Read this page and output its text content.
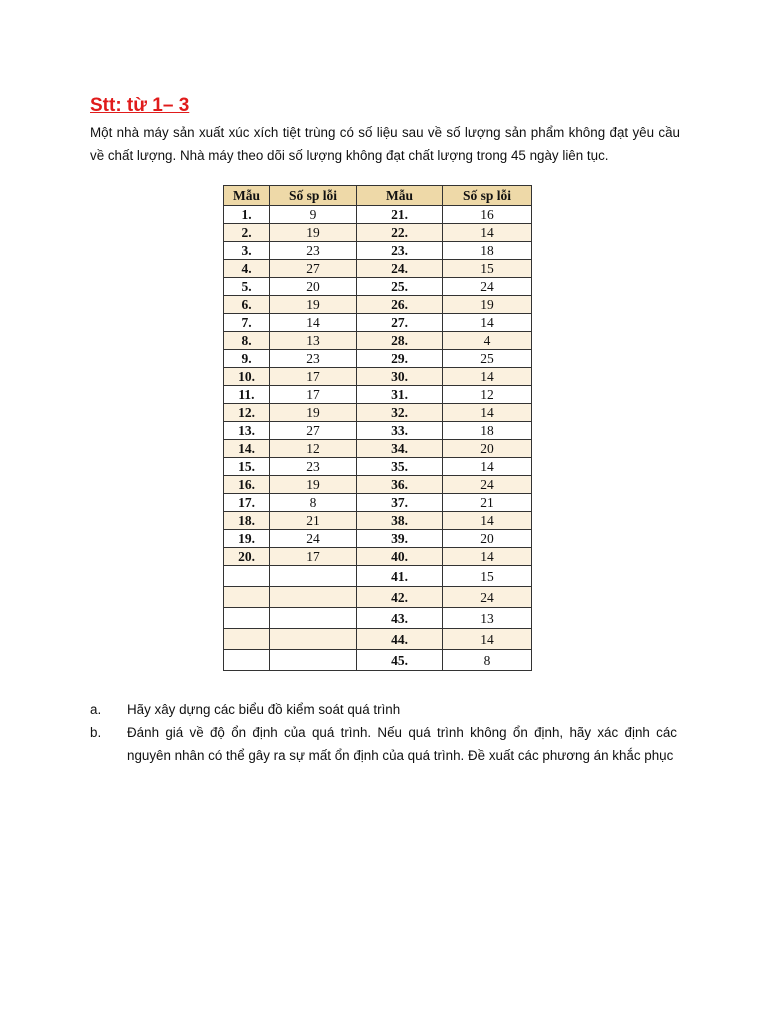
Stt: từ 1– 3
Một nhà máy sản xuất xúc xích tiệt trùng có số liệu sau về số lượng sản phẩm không đạt yêu cầu về chất lượng. Nhà máy theo dõi số lượng không đạt chất lượng trong 45 ngày liên tục.
Mẫu	Số sp lỗi	Mẫu	Số sp lỗi
1.	9	21.	16
2.	19	22.	14
3.	23	23.	18
4.	27	24.	15
5.	20	25.	24
6.	19	26.	19
7.	14	27.	14
8.	13	28.	4
9.	23	29.	25
10.	17	30.	14
11.	17	31.	12
12.	19	32.	14
13.	27	33.	18
14.	12	34.	20
15.	23	35.	14
16.	19	36.	24
17.	8	37.	21
18.	21	38.	14
19.	24	39.	20
20.	17	40.	14
		41.	15
		42.	24
		43.	13
		44.	14
		45.	8
a.	Hãy xây dựng các biểu đồ kiểm soát quá trình
b.	Đánh giá về độ ổn định của quá trình. Nếu quá trình không ổn định, hãy xác định các nguyên nhân có thể gây ra sự mất ổn định của quá trình. Đề xuất các phương án khắc phục
